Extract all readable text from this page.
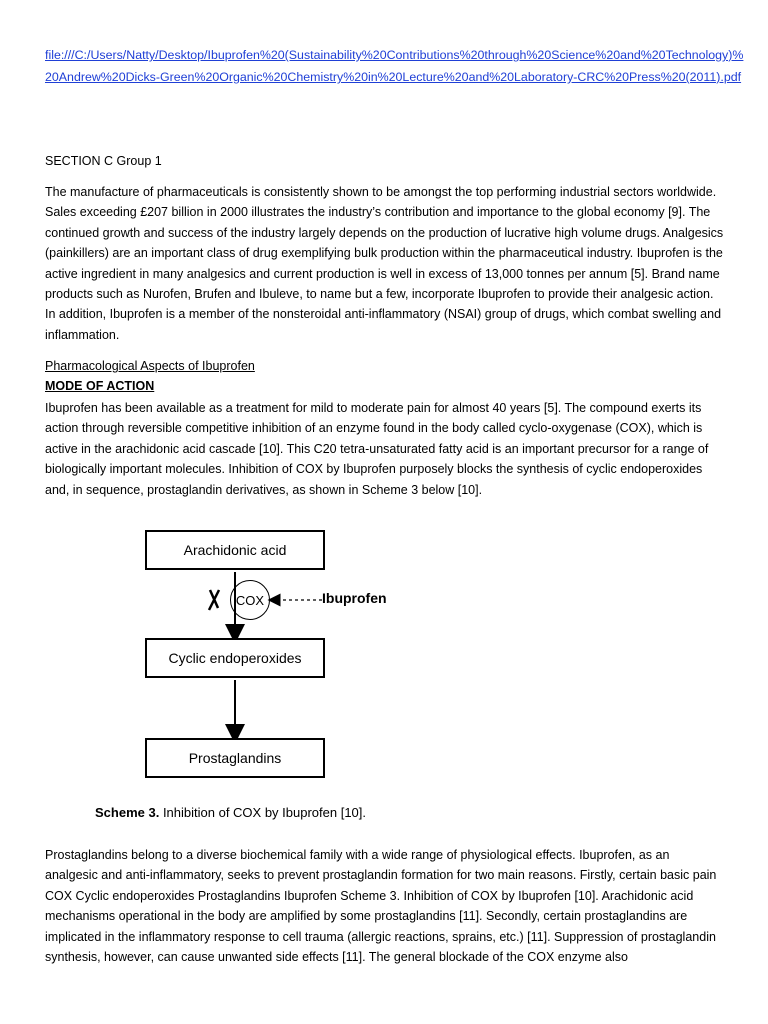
file:///C:/Users/Natty/Desktop/Ibuprofen%20(Sustainability%20Contributions%20through%20Science%20and%20Technology)%20Andrew%20Dicks-Green%20Organic%20Chemistry%20in%20Lecture%20and%20Laboratory-CRC%20Press%20(2011).pdf
SECTION C Group 1

The manufacture of pharmaceuticals is consistently shown to be amongst the top performing industrial sectors worldwide. Sales exceeding £207 billion in 2000 illustrates the industry’s contribution and importance to the global economy [9]. The continued growth and success of the industry largely depends on the production of lucrative high volume drugs. Analgesics (painkillers) are an important class of drug exemplifying bulk production within the pharmaceutical industry. Ibuprofen is the active ingredient in many analgesics and current production is well in excess of 13,000 tonnes per annum [5]. Brand name products such as Nurofen, Brufen and Ibuleve, to name but a few, incorporate Ibuprofen to provide their analgesic action. In addition, Ibuprofen is a member of the nonsteroidal anti-inflammatory (NSAI) group of drugs, which combat swelling and inflammation.

Pharmacological Aspects of Ibuprofen
MODE OF ACTION

Ibuprofen has been available as a treatment for mild to moderate pain for almost 40 years [5]. The compound exerts its action through reversible competitive inhibition of an enzyme found in the body called cyclo-oxygenase (COX), which is active in the arachidonic acid cascade [10]. This C20 tetra-unsaturated fatty acid is an important precursor for a range of biologically important molecules. Inhibition of COX by Ibuprofen purposely blocks the synthesis of cyclic endoperoxides and, in sequence, prostaglandin derivatives, as shown in Scheme 3 below [10].

Arachidonic acid
COX	Ibuprofen
Cyclic endoperoxides
Prostaglandins
Scheme 3. Inhibition of COX by Ibuprofen [10].

Prostaglandins belong to a diverse biochemical family with a wide range of physiological effects. Ibuprofen, as an analgesic and anti-inflammatory, seeks to prevent prostaglandin formation for two main reasons. Firstly, certain basic pain COX Cyclic endoperoxides Prostaglandins Ibuprofen Scheme 3. Inhibition of COX by Ibuprofen [10]. Arachidonic acid mechanisms operational in the body are amplified by some prostaglandins [11]. Secondly, certain prostaglandins are implicated in the inflammatory response to cell trauma (allergic reactions, sprains, etc.) [11]. Suppression of prostaglandin synthesis, however, can cause unwanted side effects [11]. The general blockade of the COX enzyme also
